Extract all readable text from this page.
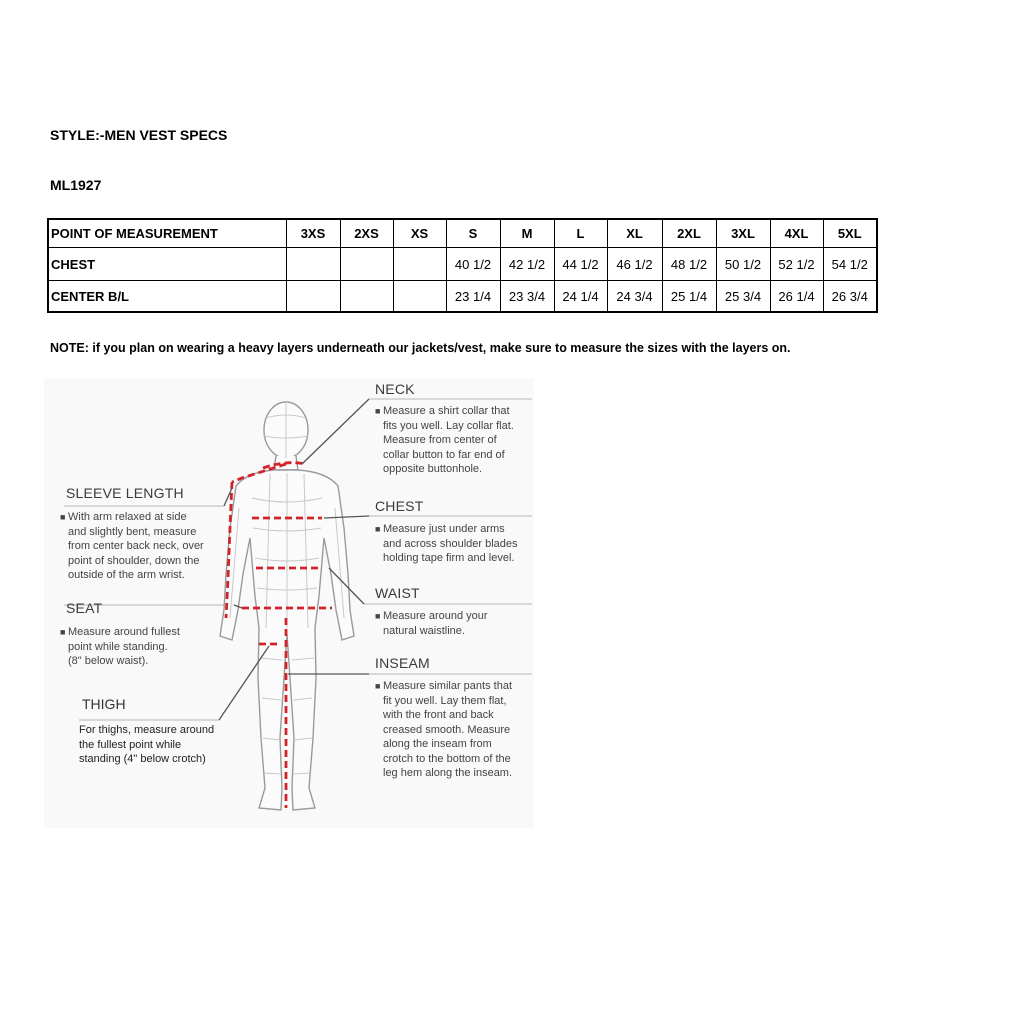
STYLE:-MEN VEST SPECS
ML1927
POINT OF MEASUREMENT	3XS	2XS	XS	S	M	L	XL	2XL	3XL	4XL	5XL
CHEST				40 1/2	42 1/2	44 1/2	46 1/2	48 1/2	50 1/2	52 1/2	54 1/2
CENTER B/L				23 1/4	23 3/4	24 1/4	24 3/4	25 1/4	25 3/4	26 1/4	26 3/4

NOTE: if you plan on wearing a heavy layers underneath our jackets/vest, make sure to measure the sizes with the layers on.

NECK
■ Measure a shirt collar that
fits you well. Lay collar flat.
Measure from center of
collar button to far end of
opposite buttonhole.
CHEST
■ Measure just under arms
and across shoulder blades
holding tape firm and level.
WAIST
■ Measure around your
natural waistline.
INSEAM
■ Measure similar pants that
fit you well. Lay them flat,
with the front and back
creased smooth. Measure
along the inseam from
crotch to the bottom of the
leg hem along the inseam.
SLEEVE LENGTH
■ With arm relaxed at side
and slightly bent, measure
from center back neck, over
point of shoulder, down the
outside of the arm wrist.
SEAT
■ Measure around fullest
point while standing.
(8" below waist).
THIGH
For thighs, measure around
the fullest point while
standing (4" below crotch)
